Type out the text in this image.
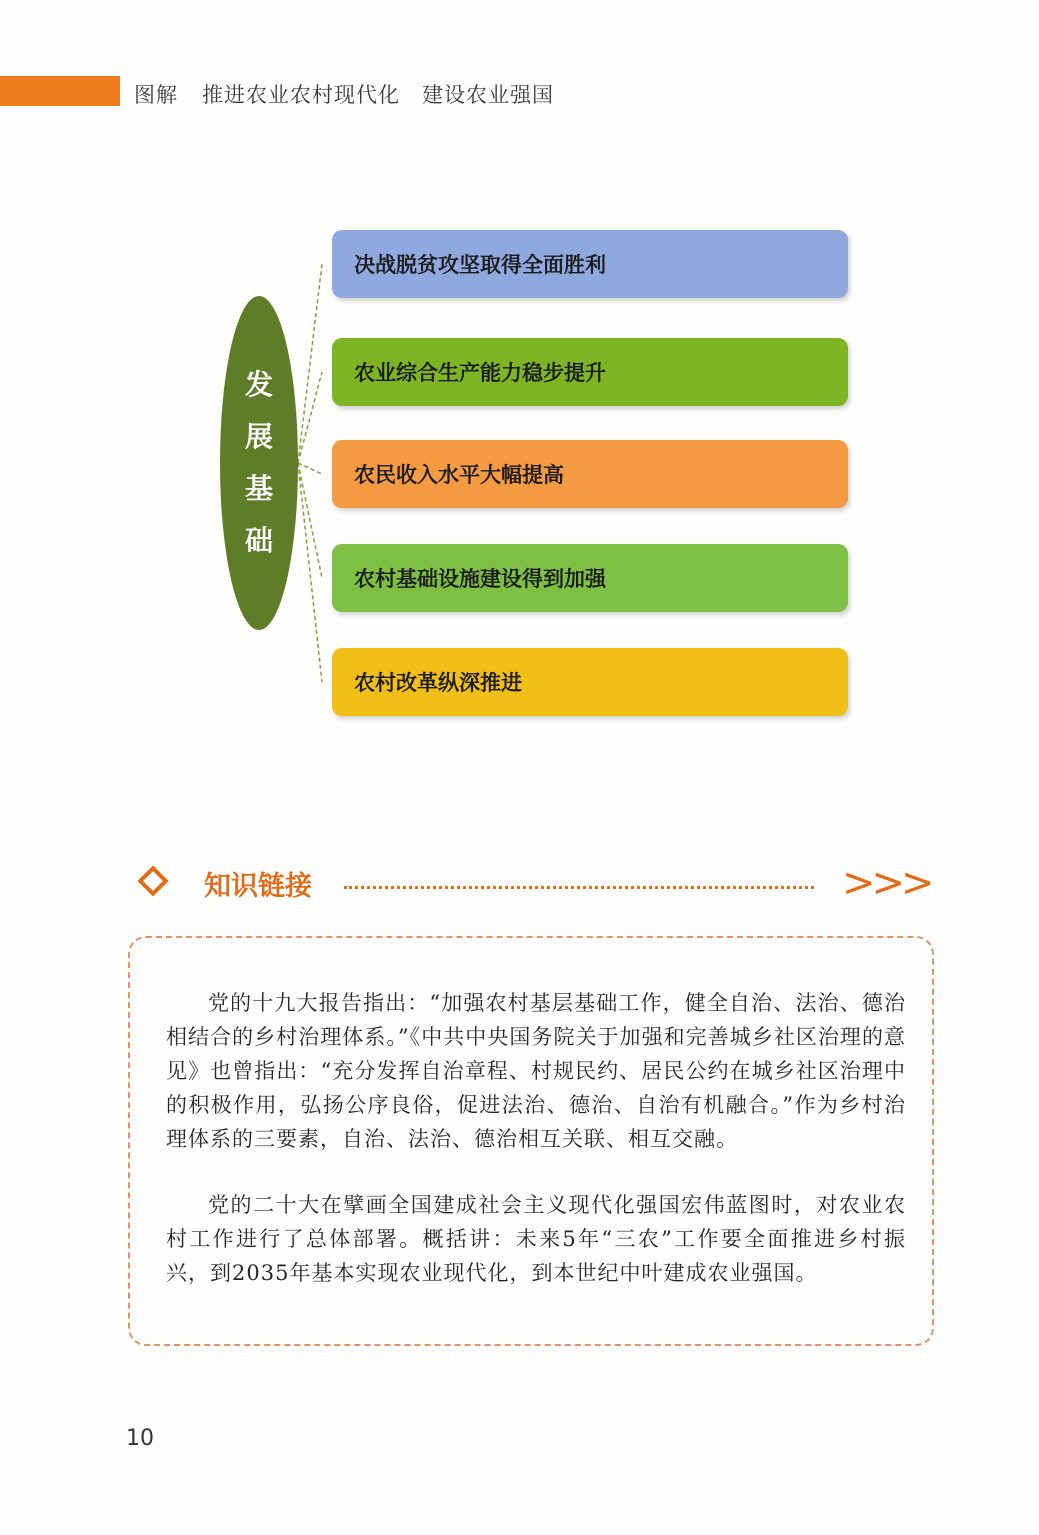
图解 推进农业农村现代化　建设农业强国
发
展
基
础
决战脱贫攻坚取得全面胜利
农业综合生产能力稳步提升
农民收入水平大幅提高
农村基础设施建设得到加强
农村改革纵深推进
知识链接	>>>

党的十九大报告指出：“加强农村基层基础工作，健全自治、法治、德治相结合的乡村治理体系。”《中共中央国务院关于加强和完善城乡社区治理的意见》也曾指出：“充分发挥自治章程、村规民约、居民公约在城乡社区治理中的积极作用，弘扬公序良俗，促进法治、德治、自治有机融合。”作为乡村治理体系的三要素，自治、法治、德治相互关联、相互交融。

党的二十大在擘画全国建成社会主义现代化强国宏伟蓝图时，对农业农村工作进行了总体部署。概括讲：未来5年“三农”工作要全面推进乡村振兴，到2035年基本实现农业现代化，到本世纪中叶建成农业强国。

10
